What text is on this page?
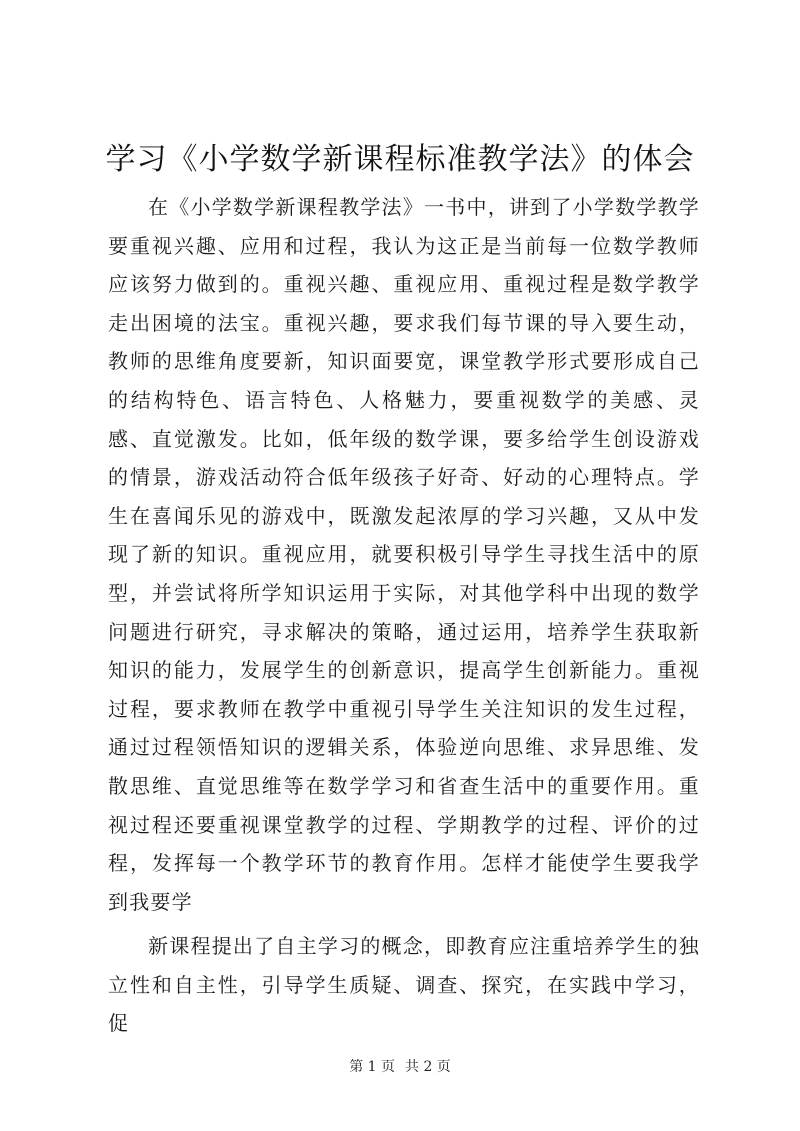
学习《小学数学新课程标准教学法》的体会

在《小学数学新课程教学法》一书中，讲到了小学数学教学要重视兴趣、应用和过程，我认为这正是当前每一位数学教师应该努力做到的。重视兴趣、重视应用、重视过程是数学教学走出困境的法宝。重视兴趣，要求我们每节课的导入要生动，教师的思维角度要新，知识面要宽，课堂教学形式要形成自己的结构特色、语言特色、人格魅力，要重视数学的美感、灵感、直觉激发。比如，低年级的数学课，要多给学生创设游戏的情景，游戏活动符合低年级孩子好奇、好动的心理特点。学生在喜闻乐见的游戏中，既激发起浓厚的学习兴趣，又从中发现了新的知识。重视应用，就要积极引导学生寻找生活中的原型，并尝试将所学知识运用于实际，对其他学科中出现的数学问题进行研究，寻求解决的策略，通过运用，培养学生获取新知识的能力，发展学生的创新意识，提高学生创新能力。重视过程，要求教师在教学中重视引导学生关注知识的发生过程，通过过程领悟知识的逻辑关系，体验逆向思维、求异思维、发散思维、直觉思维等在数学学习和省查生活中的重要作用。重视过程还要重视课堂教学的过程、学期教学的过程、评价的过程，发挥每一个教学环节的教育作用。怎样才能使学生要我学到我要学

新课程提出了自主学习的概念，即教育应注重培养学生的独立性和自主性，引导学生质疑、调查、探究，在实践中学习，促

第 1 页 共 2 页
